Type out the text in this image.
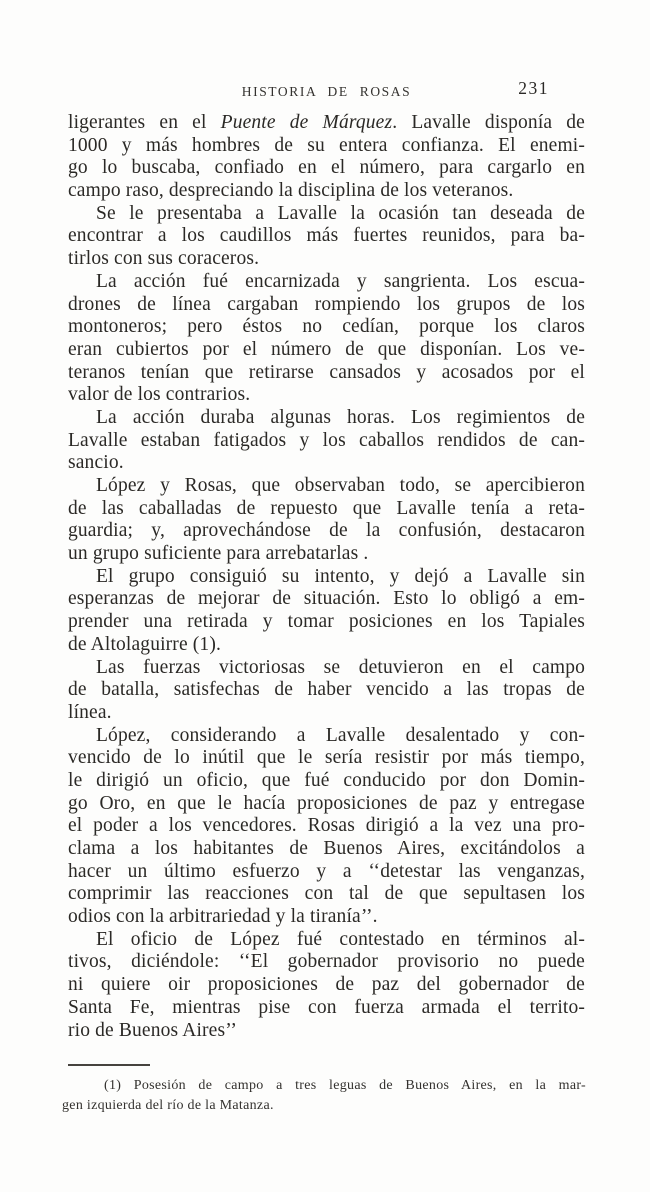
HISTORIA DE ROSAS	231
ligerantes en el Puente de Márquez. Lavalle disponía de
1000 y más hombres de su entera confianza. El enemi-
go lo buscaba, confiado en el número, para cargarlo en
campo raso, despreciando la disciplina de los veteranos.
Se le presentaba a Lavalle la ocasión tan deseada de
encontrar a los caudillos más fuertes reunidos, para ba-
tirlos con sus coraceros.
La acción fué encarnizada y sangrienta. Los escua-
drones de línea cargaban rompiendo los grupos de los
montoneros; pero éstos no cedían, porque los claros
eran cubiertos por el número de que disponían. Los ve-
teranos tenían que retirarse cansados y acosados por el
valor de los contrarios.
La acción duraba algunas horas. Los regimientos de
Lavalle estaban fatigados y los caballos rendidos de can-
sancio.
López y Rosas, que observaban todo, se apercibieron
de las caballadas de repuesto que Lavalle tenía a reta-
guardia; y, aprovechándose de la confusión, destacaron
un grupo suficiente para arrebatarlas .
El grupo consiguió su intento, y dejó a Lavalle sin
esperanzas de mejorar de situación. Esto lo obligó a em-
prender una retirada y tomar posiciones en los Tapiales
de Altolaguirre (1).
Las fuerzas victoriosas se detuvieron en el campo
de batalla, satisfechas de haber vencido a las tropas de
línea.
López, considerando a Lavalle desalentado y con-
vencido de lo inútil que le sería resistir por más tiempo,
le dirigió un oficio, que fué conducido por don Domin-
go Oro, en que le hacía proposiciones de paz y entregase
el poder a los vencedores. Rosas dirigió a la vez una pro-
clama a los habitantes de Buenos Aires, excitándolos a
hacer un último esfuerzo y a ‘‘detestar las venganzas,
comprimir las reacciones con tal de que sepultasen los
odios con la arbitrariedad y la tiranía’’.
El oficio de López fué contestado en términos al-
tivos, diciéndole: ‘‘El gobernador provisorio no puede
ni quiere oir proposiciones de paz del gobernador de
Santa Fe, mientras pise con fuerza armada el territo-
rio de Buenos Aires’’
(1) Posesión de campo a tres leguas de Buenos Aires, en la mar-
gen izquierda del río de la Matanza.
